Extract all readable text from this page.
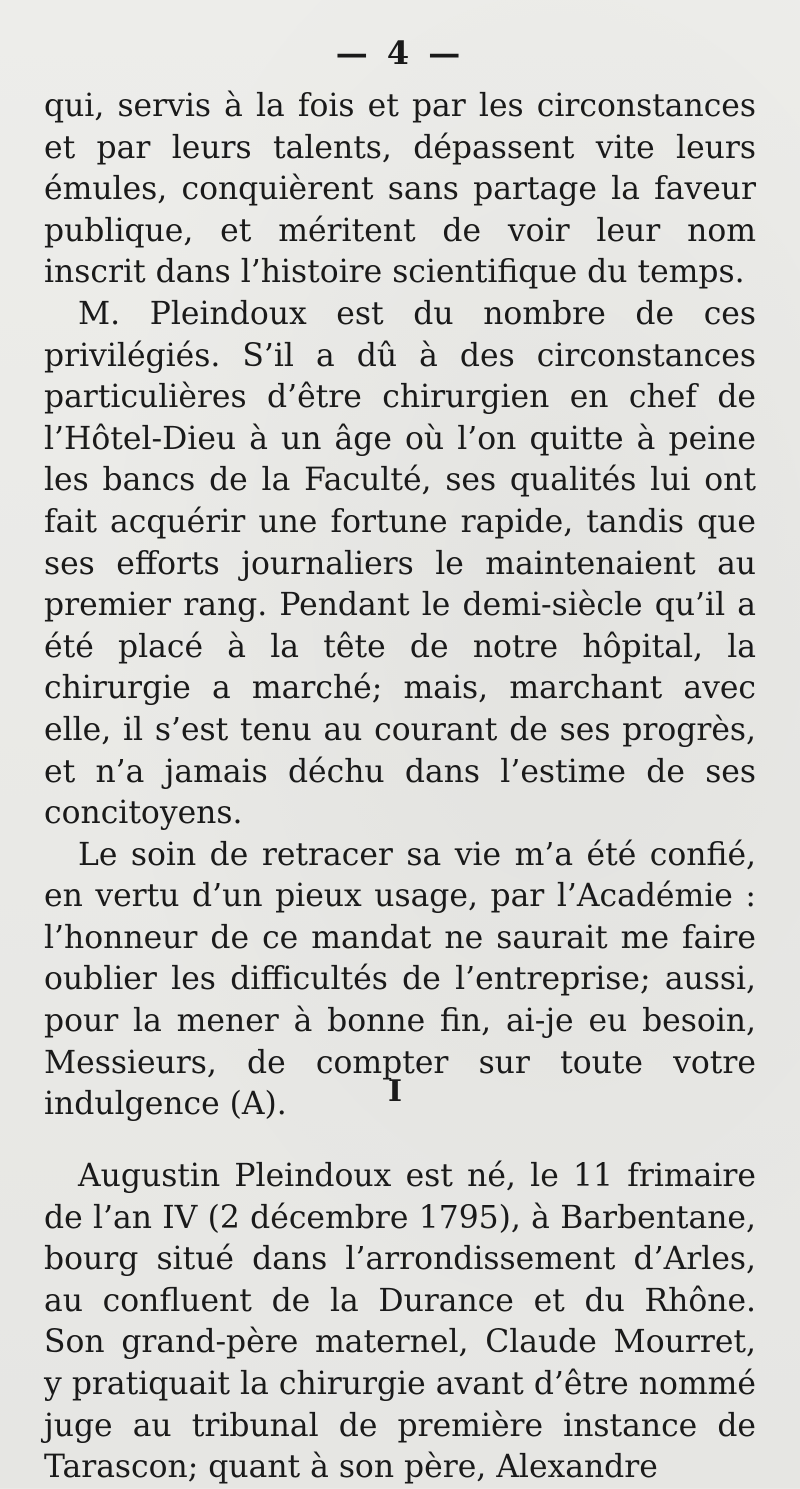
— 4 —

qui, servis à la fois et par les circonstances et par leurs talents, dépassent vite leurs émules, conquièrent sans partage la faveur publique, et méritent de voir leur nom inscrit dans l’histoire scientifique du temps.

M. Pleindoux est du nombre de ces privilégiés. S’il a dû à des circonstances particulières d’être chirurgien en chef de l’Hôtel-Dieu à un âge où l’on quitte à peine les bancs de la Faculté, ses qualités lui ont fait acquérir une fortune rapide, tandis que ses efforts journaliers le maintenaient au premier rang. Pendant le demi-siècle qu’il a été placé à la tête de notre hôpital, la chirurgie a marché; mais, marchant avec elle, il s’est tenu au courant de ses progrès, et n’a jamais déchu dans l’estime de ses concitoyens.

Le soin de retracer sa vie m’a été confié, en vertu d’un pieux usage, par l’Académie : l’honneur de ce mandat ne saurait me faire oublier les difficultés de l’entreprise; aussi, pour la mener à bonne fin, ai-je eu besoin, Messieurs, de compter sur toute votre indulgence (A).	I

Augustin Pleindoux est né, le 11 frimaire de l’an IV (2 décembre 1795), à Barbentane, bourg situé dans l’arrondissement d’Arles, au confluent de la Durance et du Rhône. Son grand-père maternel, Claude Mourret, y pratiquait la chirurgie avant d’être nommé juge au tribunal de première instance de Tarascon; quant à son père, Alexandre
